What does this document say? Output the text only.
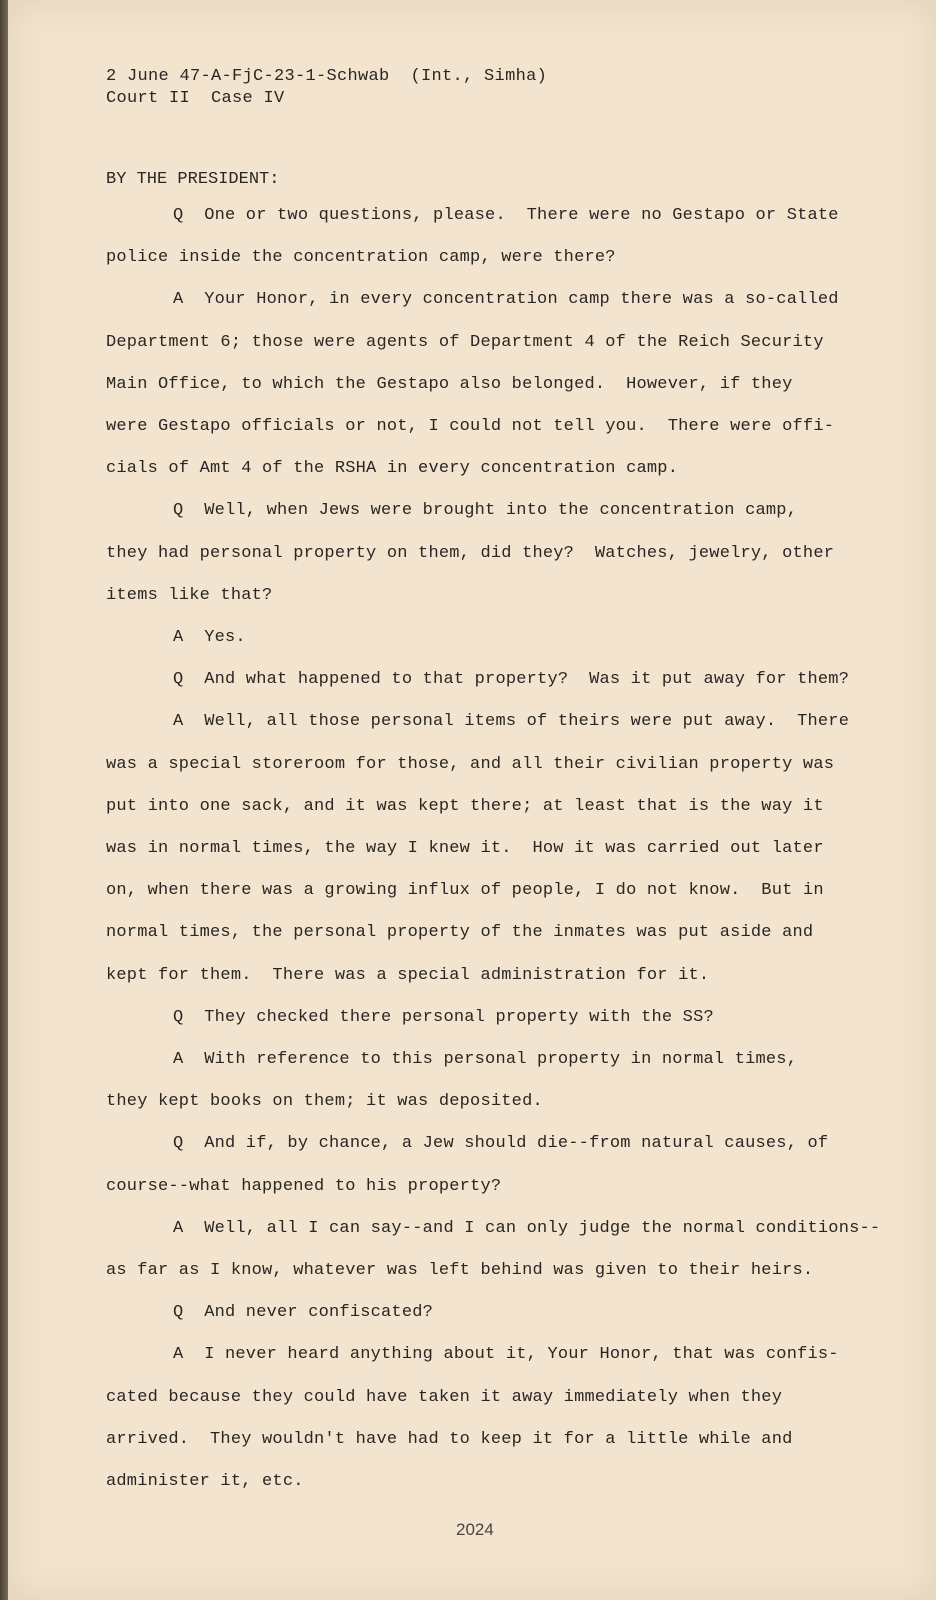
2 June 47-A-FjC-23-1-Schwab  (Int., Simha)
Court II  Case IV
BY THE PRESIDENT:
Q  One or two questions, please.  There were no Gestapo or State
police inside the concentration camp, were there?
A  Your Honor, in every concentration camp there was a so-called
Department 6; those were agents of Department 4 of the Reich Security
Main Office, to which the Gestapo also belonged.  However, if they
were Gestapo officials or not, I could not tell you.  There were offi-
cials of Amt 4 of the RSHA in every concentration camp.
Q  Well, when Jews were brought into the concentration camp,
they had personal property on them, did they?  Watches, jewelry, other
items like that?
A  Yes.
Q  And what happened to that property?  Was it put away for them?
A  Well, all those personal items of theirs were put away.  There
was a special storeroom for those, and all their civilian property was
put into one sack, and it was kept there; at least that is the way it
was in normal times, the way I knew it.  How it was carried out later
on, when there was a growing influx of people, I do not know.  But in
normal times, the personal property of the inmates was put aside and
kept for them.  There was a special administration for it.
Q  They checked there personal property with the SS?
A  With reference to this personal property in normal times,
they kept books on them; it was deposited.
Q  And if, by chance, a Jew should die--from natural causes, of
course--what happened to his property?
A  Well, all I can say--and I can only judge the normal conditions--
as far as I know, whatever was left behind was given to their heirs.
Q  And never confiscated?
A  I never heard anything about it, Your Honor, that was confis-
cated because they could have taken it away immediately when they
arrived.  They wouldn't have had to keep it for a little while and
administer it, etc.
2024
